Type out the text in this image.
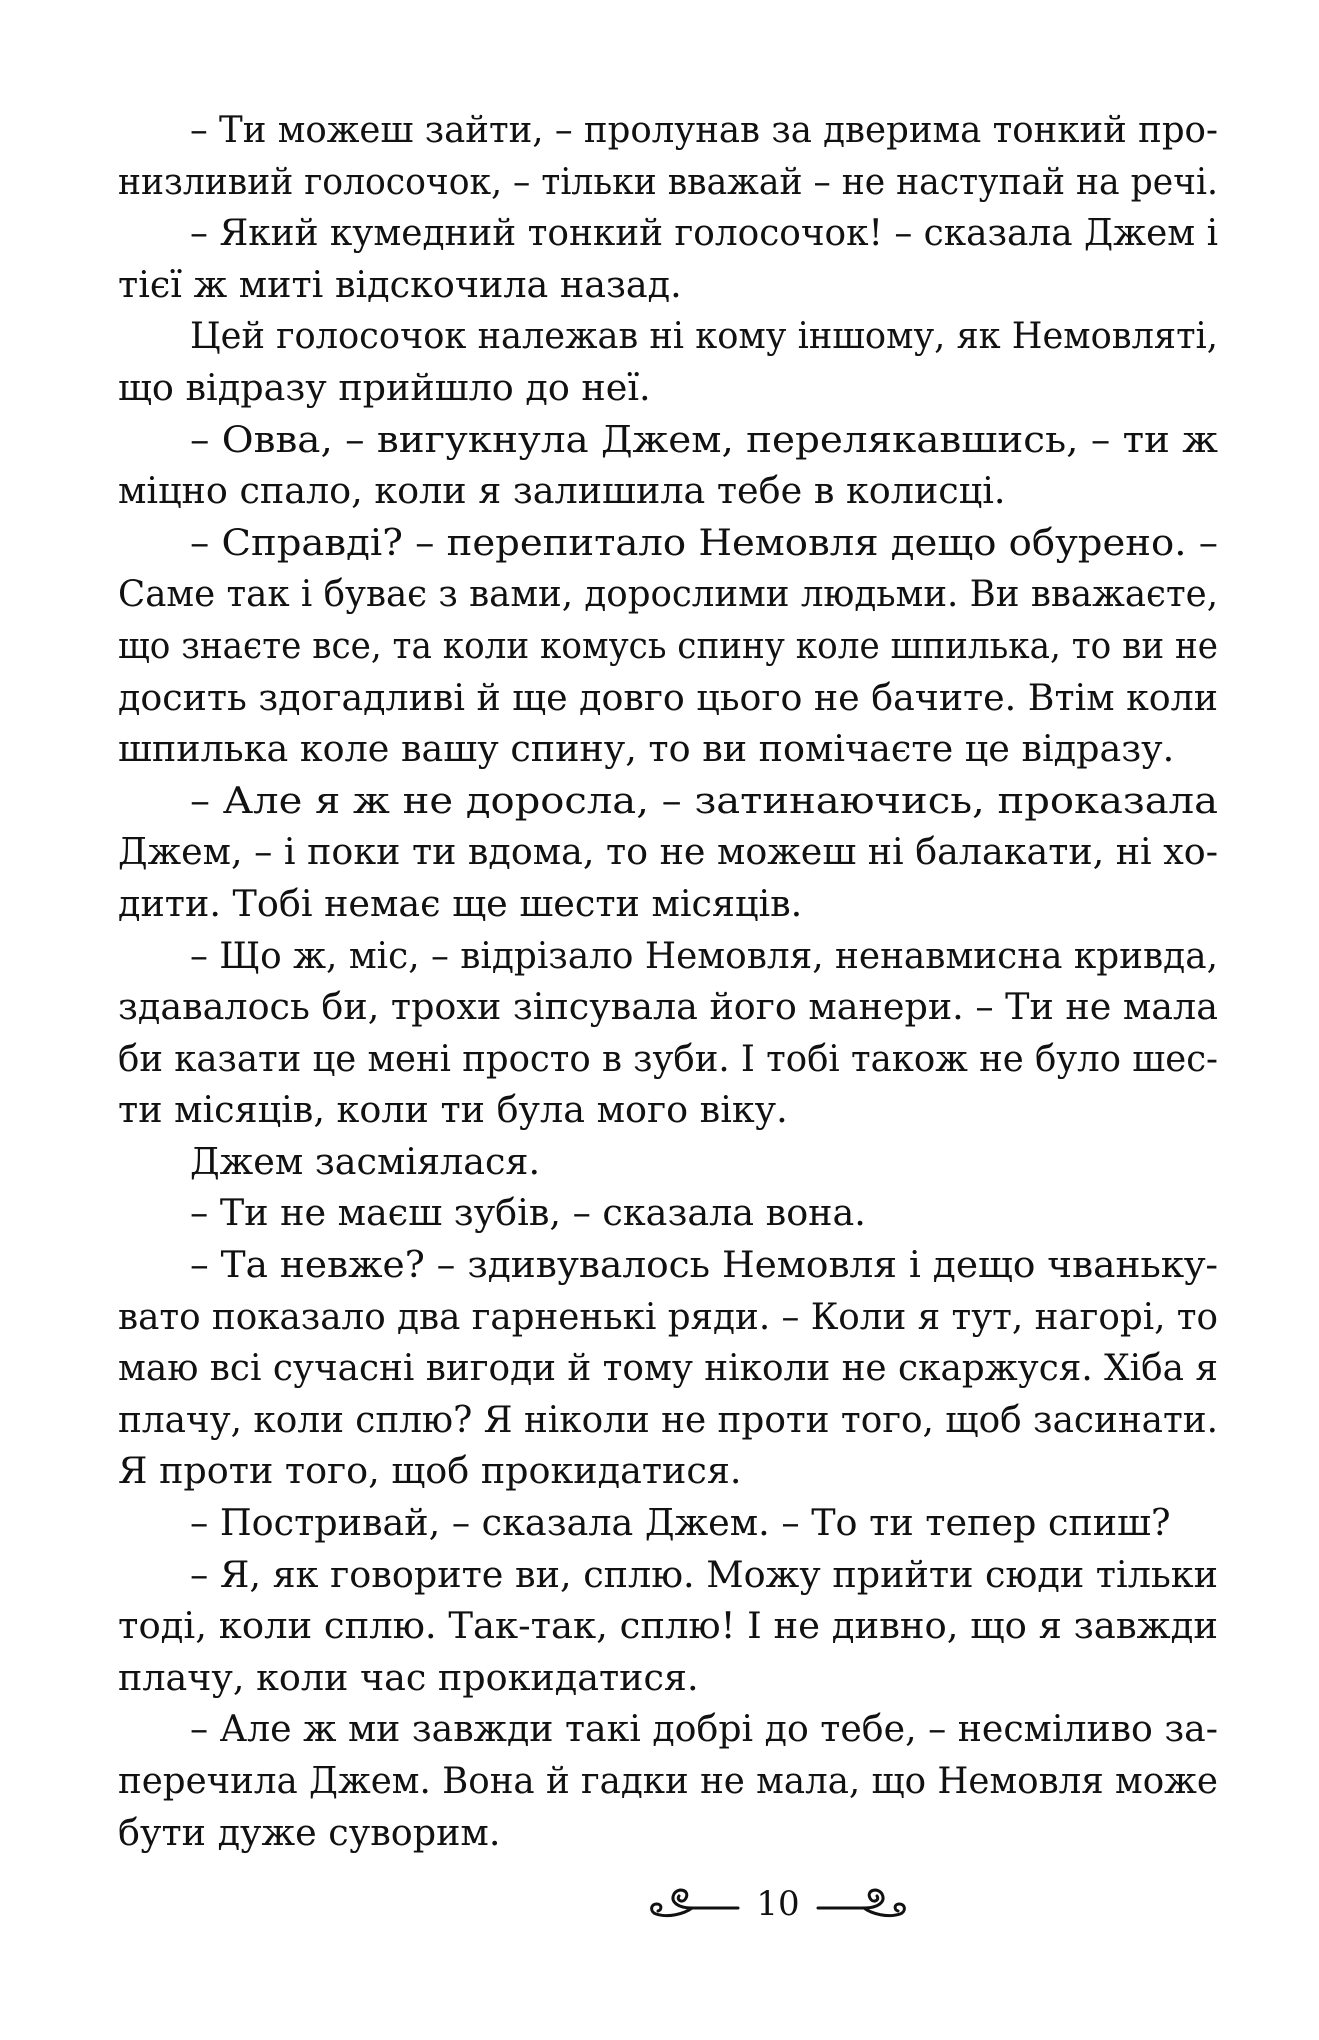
– Ти можеш зайти, – пролунав за дверима тонкий про-
низливий голосочок, – тільки вважай – не наступай на речі.
– Який кумедний тонкий голосочок! – сказала Джем і
тієї ж миті відскочила назад.
Цей голосочок належав ні кому іншому, як Немовляті,
що відразу прийшло до неї.
– Овва, – вигукнула Джем, перелякавшись, – ти ж
міцно спало, коли я залишила тебе в колисці.
– Справді? – перепитало Немовля дещо обурено. –
Саме так і буває з вами, дорослими людьми. Ви вважаєте,
що знаєте все, та коли комусь спину коле шпилька, то ви не
досить здогадливі й ще довго цього не бачите. Втім коли
шпилька коле вашу спину, то ви помічаєте це відразу.
– Але я ж не доросла, – затинаючись, проказала
Джем, – і поки ти вдома, то не можеш ні балакати, ні хо-
дити. Тобі немає ще шести місяців.
– Що ж, міс, – відрізало Немовля, ненавмисна кривда,
здавалось би, трохи зіпсувала його манери. – Ти не мала
би казати це мені просто в зуби. І тобі також не було шес-
ти місяців, коли ти була мого віку.
Джем засміялася.
– Ти не маєш зубів, – сказала вона.
– Та невже? – здивувалось Немовля і дещо чванькy-
вато показало два гарненькі ряди. – Коли я тут, нагорі, то
маю всі сучасні вигоди й тому ніколи не скаржуся. Хіба я
плачу, коли сплю? Я ніколи не проти того, щоб засинати.
Я проти того, щоб прокидатися.
– Постривай, – сказала Джем. – То ти тепер спиш?
– Я, як говорите ви, сплю. Можу прийти сюди тільки
тоді, коли сплю. Так-так, сплю! І не дивно, що я завжди
плачу, коли час прокидатися.
– Але ж ми завжди такі добрі до тебе, – несміливо за-
перечила Джем. Вона й гадки не мала, що Немовля може
бути дуже суворим.
10
